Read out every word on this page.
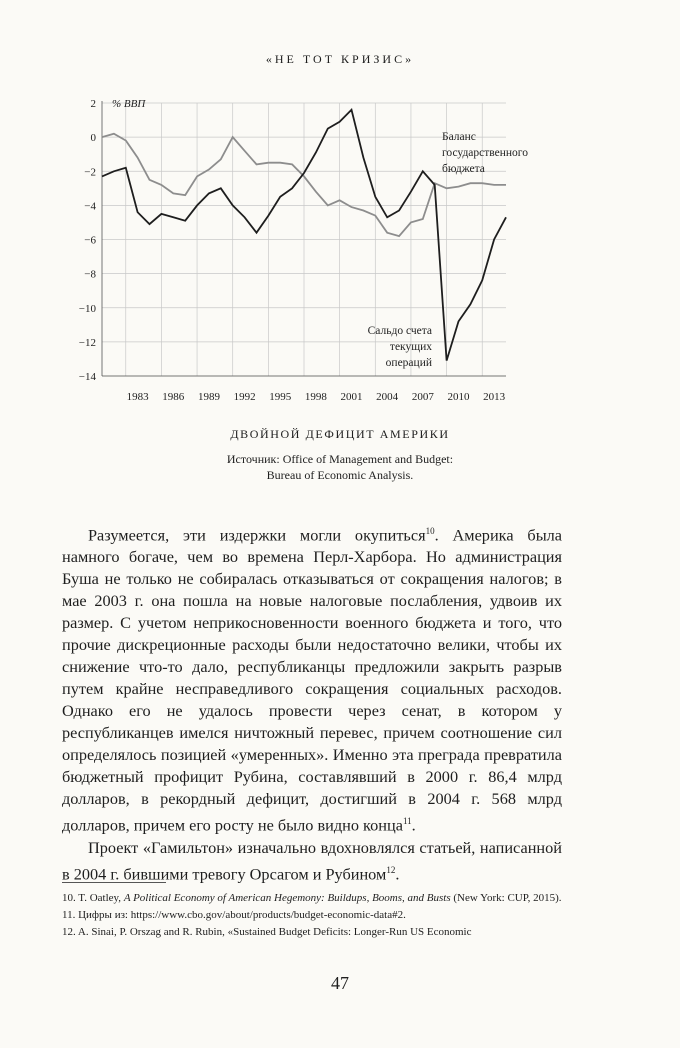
«НЕ ТОТ КРИЗИС»
2
0
−2
−4
−6
−8
−10
−12
−14
% ВВП
1983 1986 1989 1992 1995 1998 2001 2004 2007 2010 2013
Баланс
государственного
бюджета
Сальдо счета
текущих
операций
ДВОЙНОЙ ДЕФИЦИТ АМЕРИКИ
Источник: Office of Management and Budget:
Bureau of Economic Analysis.

Разумеется, эти издержки могли окупиться$^{10}$. Америка была намного богаче, чем во времена Перл-Харбора. Но администрация Буша не только не собиралась отказываться от сокращения налогов; в мае 2003 г. она пошла на новые налоговые послабления, удвоив их размер. С учетом неприкосновенности военного бюджета и того, что прочие дискреционные расходы были недостаточно велики, чтобы их снижение что-то дало, республиканцы предложили закрыть разрыв путем крайне несправедливого сокращения социальных расходов. Однако его не удалось провести через сенат, в котором у республиканцев имелся ничтожный перевес, причем соотношение сил определялось позицией «умеренных». Именно эта преграда превратила бюджетный профицит Рубина, составлявший в 2000 г. 86,4 млрд долларов, в рекордный дефицит, достигший в 2004 г. 568 млрд долларов, причем его росту не было видно конца$^{11}$.

Проект «Гамильтон» изначально вдохновлялся статьей, написанной в 2004 г. бившими тревогу Орсагом и Рубином$^{12}$.

10. T. Oatley, A Political Economy of American Hegemony: Buildups, Booms, and Busts (New York: CUP, 2015).

11. Цифры из: https://www.cbo.gov/about/products/budget-economic-data#2.

12. A. Sinai, P. Orszag and R. Rubin, «Sustained Budget Deficits: Longer-Run US Economic

47
